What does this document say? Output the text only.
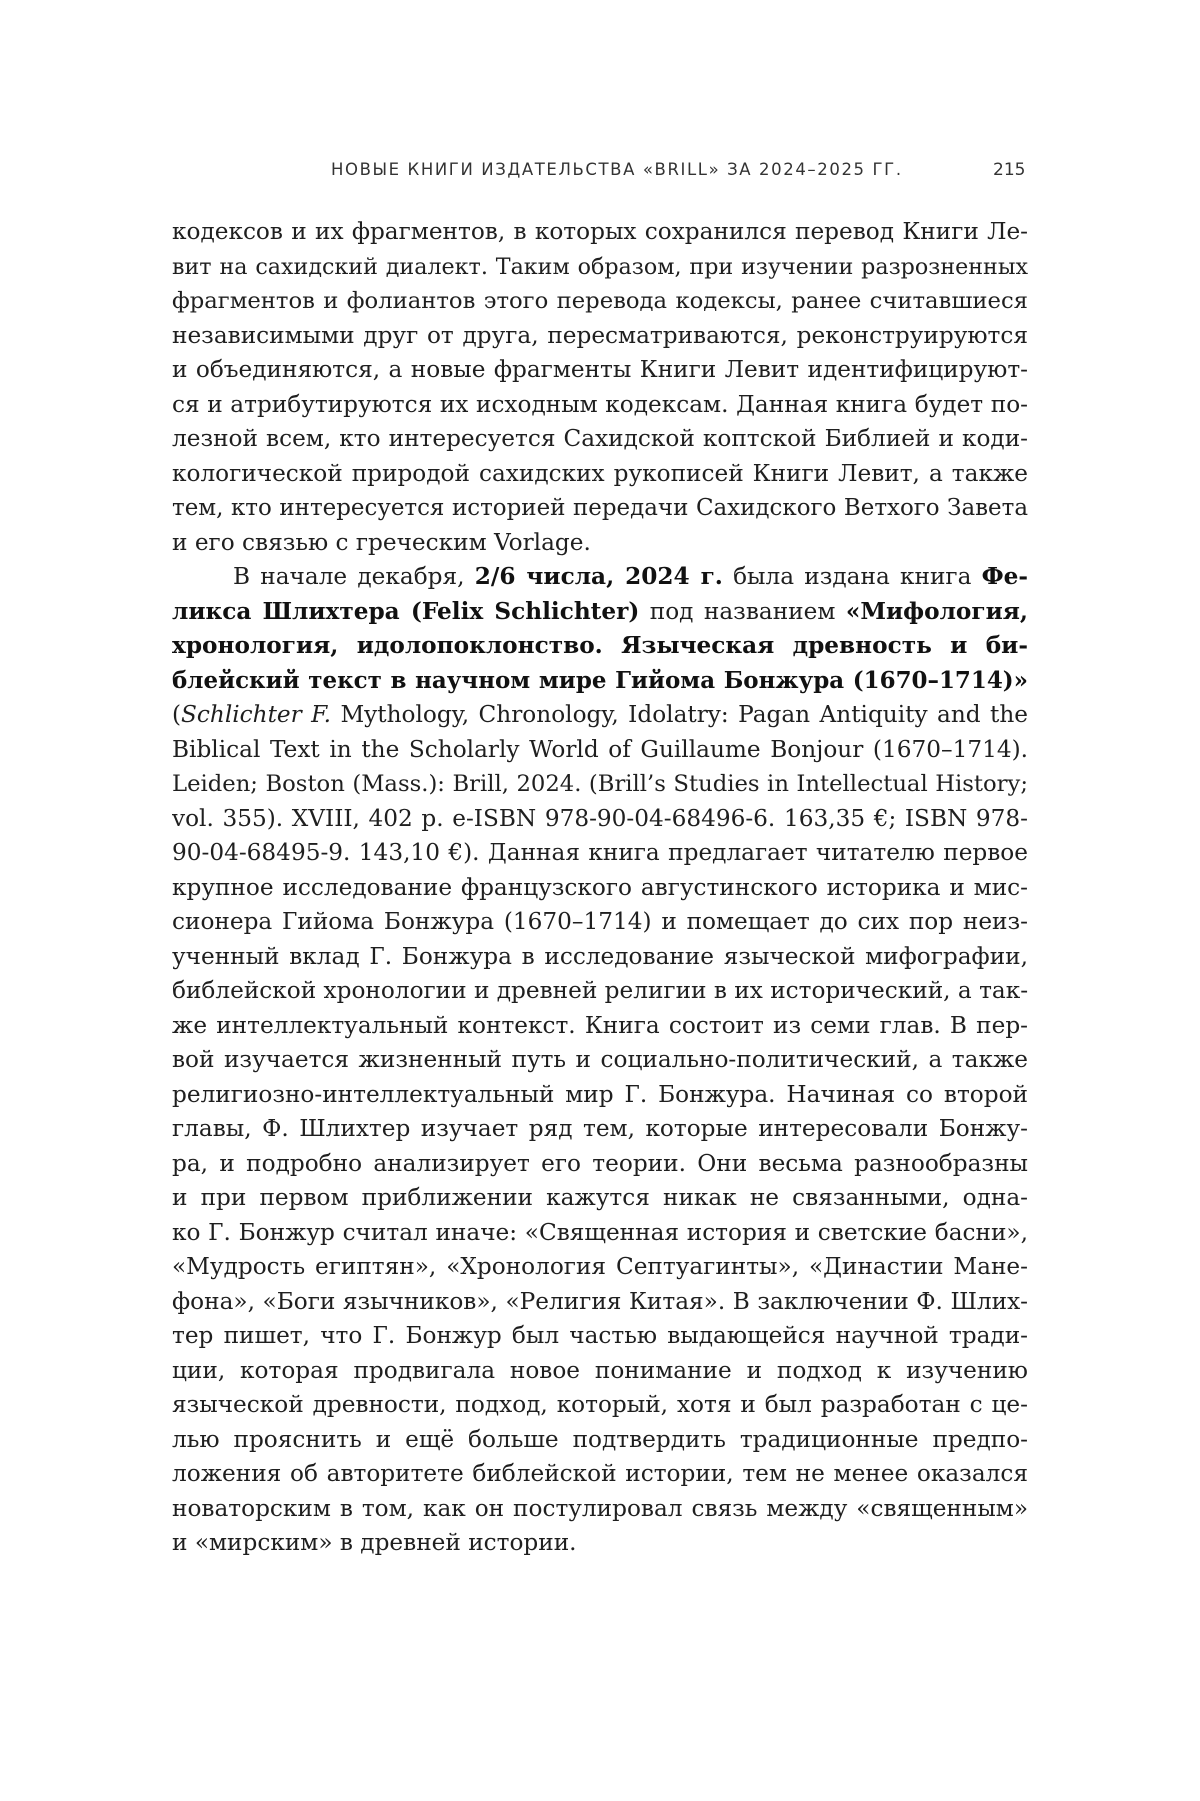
НОВЫЕ КНИГИ ИЗДАТЕЛЬСТВА «BRILL» ЗА 2024–2025 ГГ.	215
кодексов и их фрагментов, в которых сохранился перевод Книги Ле-
вит на сахидский диалект. Таким образом, при изучении разрозненных
фрагментов и фолиантов этого перевода кодексы, ранее считавшиеся
независимыми друг от друга, пересматриваются, реконструируются
и объединяются, а новые фрагменты Книги Левит идентифицируют-
ся и атрибутируются их исходным кодексам. Данная книга будет по-
лезной всем, кто интересуется Сахидской коптской Библией и коди-
кологической природой сахидских рукописей Книги Левит, а также
тем, кто интересуется историей передачи Сахидского Ветхого Завета
и его связью с греческим Vorlage.
В начале декабря, 2/6 числа, 2024 г. была издана книга Фе-
ликса Шлихтера (Felix Schlichter) под названием «Мифология,
хронология, идолопоклонство. Языческая древность и би-
блейский текст в научном мире Гийома Бонжура (1670–1714)»
(Schlichter F. Mythology, Chronology, Idolatry: Pagan Antiquity and the
Biblical Text in the Scholarly World of Guillaume Bonjour (1670–1714).
Leiden; Boston (Mass.): Brill, 2024. (Brill’s Studies in Intellectual History;
vol. 355). XVIII, 402 p. e-ISBN 978-90-04-68496-6. 163,35 €; ISBN 978-
90-04-68495-9. 143,10 €). Данная книга предлагает читателю первое
крупное исследование французского августинского историка и мис-
сионера Гийома Бонжура (1670–1714) и помещает до сих пор неиз-
ученный вклад Г. Бонжура в исследование языческой мифографии,
библейской хронологии и древней религии в их исторический, а так-
же интеллектуальный контекст. Книга состоит из семи глав. В пер-
вой изучается жизненный путь и социально-политический, а также
религиозно-интеллектуальный мир Г. Бонжура. Начиная со второй
главы, Ф. Шлихтер изучает ряд тем, которые интересовали Бонжу-
ра, и подробно анализирует его теории. Они весьма разнообразны
и при первом приближении кажутся никак не связанными, одна-
ко Г. Бонжур считал иначе: «Священная история и светские басни»,
«Мудрость египтян», «Хронология Септуагинты», «Династии Мане-
фона», «Боги язычников», «Религия Китая». В заключении Ф. Шлих-
тер пишет, что Г. Бонжур был частью выдающейся научной тради-
ции, которая продвигала новое понимание и подход к изучению
языческой древности, подход, который, хотя и был разработан с це-
лью прояснить и ещё больше подтвердить традиционные предпо-
ложения об авторитете библейской истории, тем не менее оказался
новаторским в том, как он постулировал связь между «священным»
и «мирским» в древней истории.
